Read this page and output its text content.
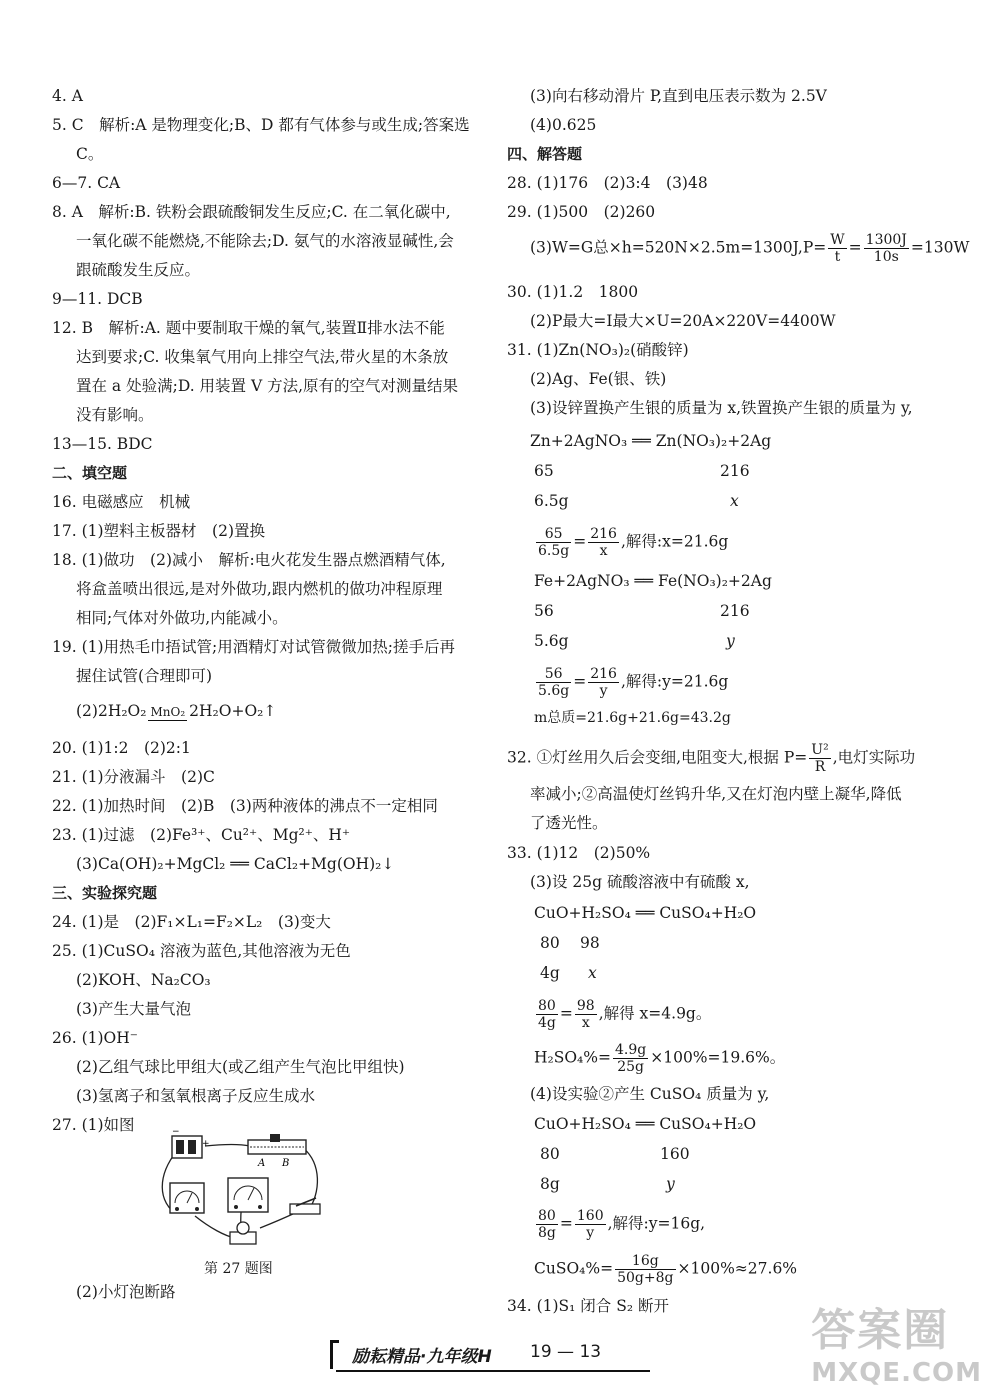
4. A
5. C　解析:A 是物理变化;B、D 都有气体参与或生成;答案选
C。
6—7. CA
8. A　解析:B. 铁粉会跟硫酸铜发生反应;C. 在二氧化碳中,
一氧化碳不能燃烧,不能除去;D. 氨气的水溶液显碱性,会
跟硫酸发生反应。
9—11. DCB
12. B　解析:A. 题中要制取干燥的氧气,装置Ⅱ排水法不能
达到要求;C. 收集氧气用向上排空气法,带火星的木条放
置在 a 处验满;D. 用装置 V 方法,原有的空气对测量结果
没有影响。
13—15. BDC
二、填空题
16. 电磁感应　机械
17. (1)塑料主板器材　(2)置换
18. (1)做功　(2)减小　解析:电火花发生器点燃酒精气体,
将盒盖喷出很远,是对外做功,跟内燃机的做功冲程原理
相同;气体对外做功,内能减小。
19. (1)用热毛巾捂试管;用酒精灯对试管微微加热;搓手后再
握住试管(合理即可)
(2)2H₂O₂ MnO₂ 2H₂O+O₂↑
20. (1)1:2　(2)2:1
21. (1)分液漏斗　(2)C
22. (1)加热时间　(2)B　(3)两种液体的沸点不一定相同
23. (1)过滤　(2)Fe³⁺、Cu²⁺、Mg²⁺、H⁺
(3)Ca(OH)₂+MgCl₂ ══ CaCl₂+Mg(OH)₂↓
三、实验探究题
24. (1)是　(2)F₁×L₁=F₂×L₂　(3)变大
25. (1)CuSO₄ 溶液为蓝色,其他溶液为无色
(2)KOH、Na₂CO₃
(3)产生大量气泡
26. (1)OH⁻
(2)乙组气球比甲组大(或乙组产生气泡比甲组快)
(3)氢离子和氢氧根离子反应生成水
27. (1)如图	−
+
A B
第 27 题图
(2)小灯泡断路
(3)向右移动滑片 P,直到电压表示数为 2.5V
(4)0.625
四、解答题
28. (1)176　(2)3:4　(3)48
29. (1)500　(2)260
(3)W=G总$\times h=520N\times 2.5m=1300J,P= \frac{W}{t} = \frac{1300J}{10s} =130W$
30. (1)1.2　1800
(2)P最大=I最大×U=20A×220V=4400W
31. (1)Zn(NO₃)₂(硝酸锌)
(2)Ag、Fe(银、铁)
(3)设锌置换产生银的质量为 x,铁置换产生银的质量为 y,
Zn+2AgNO₃ ══ Zn(NO₃)₂+2Ag
65	216
6.5g	x
$\frac{65}{6.5g} = \frac{216}{x}$ ,解得:x=21.6g
Fe+2AgNO₃ ══ Fe(NO₃)₂+2Ag
56	216
5.6g	y
$\frac{56}{5.6g} = \frac{216}{y}$ ,解得:y=21.6g
m总质=21.6g+21.6g=43.2g
32. ①灯丝用久后会变细,电阻变大,根据 $P= \frac{\text{U²}}{R}$ ,电灯实际功
率减小;②高温使灯丝钨升华,又在灯泡内壁上凝华,降低
了透光性。
33. (1)12　(2)50%
(3)设 25g 硫酸溶液中有硫酸 x,
CuO+H₂SO₄ ══ CuSO₄+H₂O
80 98
4g x
$\frac{80}{4g} = \frac{98}{x}$ ,解得 x=4.9g。
$H_2SO_4\%= \frac{4.9g}{25g} \times 100\%=19.6\%$。
(4)设实验②产生 CuSO₄ 质量为 y,
CuO+H₂SO₄ ══ CuSO₄+H₂O
80	160
8g	y
$\frac{80}{8g} = \frac{160}{y}$ ,解得:y=16g,
CuSO₄%= $\frac{16g}{50g+8g} \times 100\%\approx 27.6\%$
34. (1)S₁ 闭合 S₂ 断开
励耘精品·九年级H 19 — 13	答案圈
MXQE.COM
